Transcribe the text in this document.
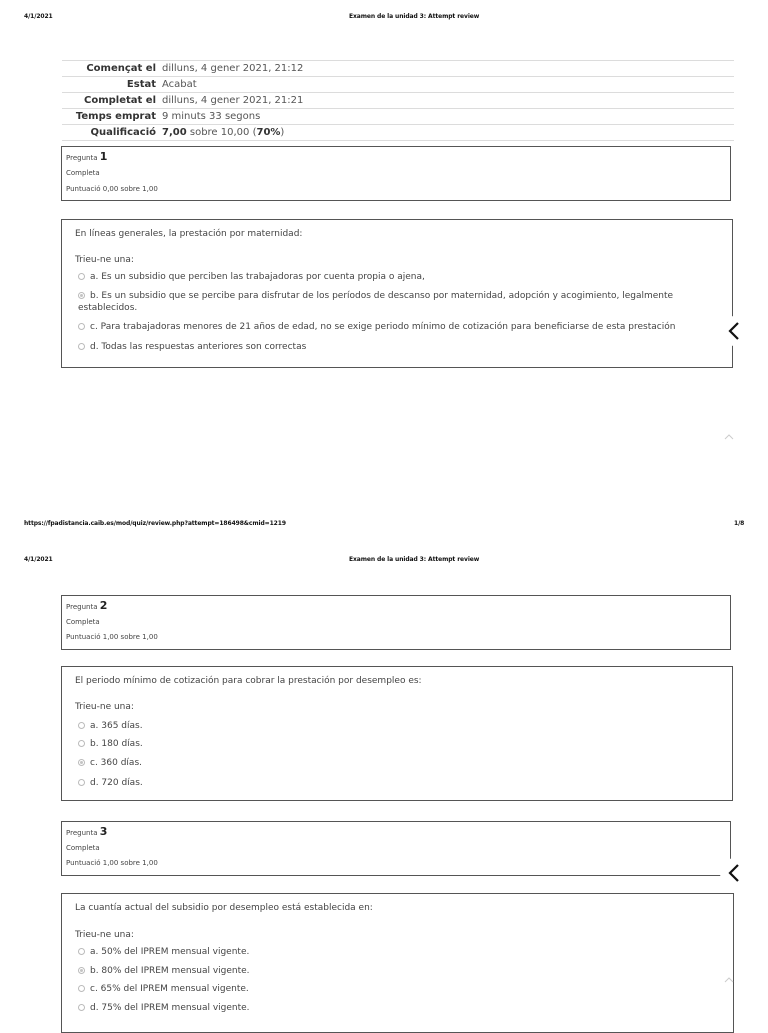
4/1/2021	Examen de la unidad 3: Attempt review
Començat el	dilluns, 4 gener 2021, 21:12
Estat	Acabat
Completat el	dilluns, 4 gener 2021, 21:21
Temps emprat	9 minuts 33 segons
Qualificació	7,00 sobre 10,00 (70%)
Pregunta 1
Completa
Puntuació 0,00 sobre 1,00
En líneas generales, la prestación por maternidad:
Trieu-ne una:
a. Es un subsidio que perciben las trabajadoras por cuenta propia o ajena,
b. Es un subsidio que se percibe para disfrutar de los períodos de descanso por maternidad, adopción y acogimiento, legalmente establecidos.
c. Para trabajadoras menores de 21 años de edad, no se exige periodo mínimo de cotización para beneficiarse de esta prestación
d. Todas las respuestas anteriores son correctas
https://fpadistancia.caib.es/mod/quiz/review.php?attempt=186498&cmid=1219	1/8
4/1/2021	Examen de la unidad 3: Attempt review
Pregunta 2
Completa
Puntuació 1,00 sobre 1,00
El periodo mínimo de cotización para cobrar la prestación por desempleo es:
Trieu-ne una:
a. 365 días.
b. 180 días.
c. 360 días.
d. 720 días.
Pregunta 3
Completa
Puntuació 1,00 sobre 1,00
La cuantía actual del subsidio por desempleo está establecida en:
Trieu-ne una:
a. 50% del IPREM mensual vigente.
b. 80% del IPREM mensual vigente.
c. 65% del IPREM mensual vigente.
d. 75% del IPREM mensual vigente.
